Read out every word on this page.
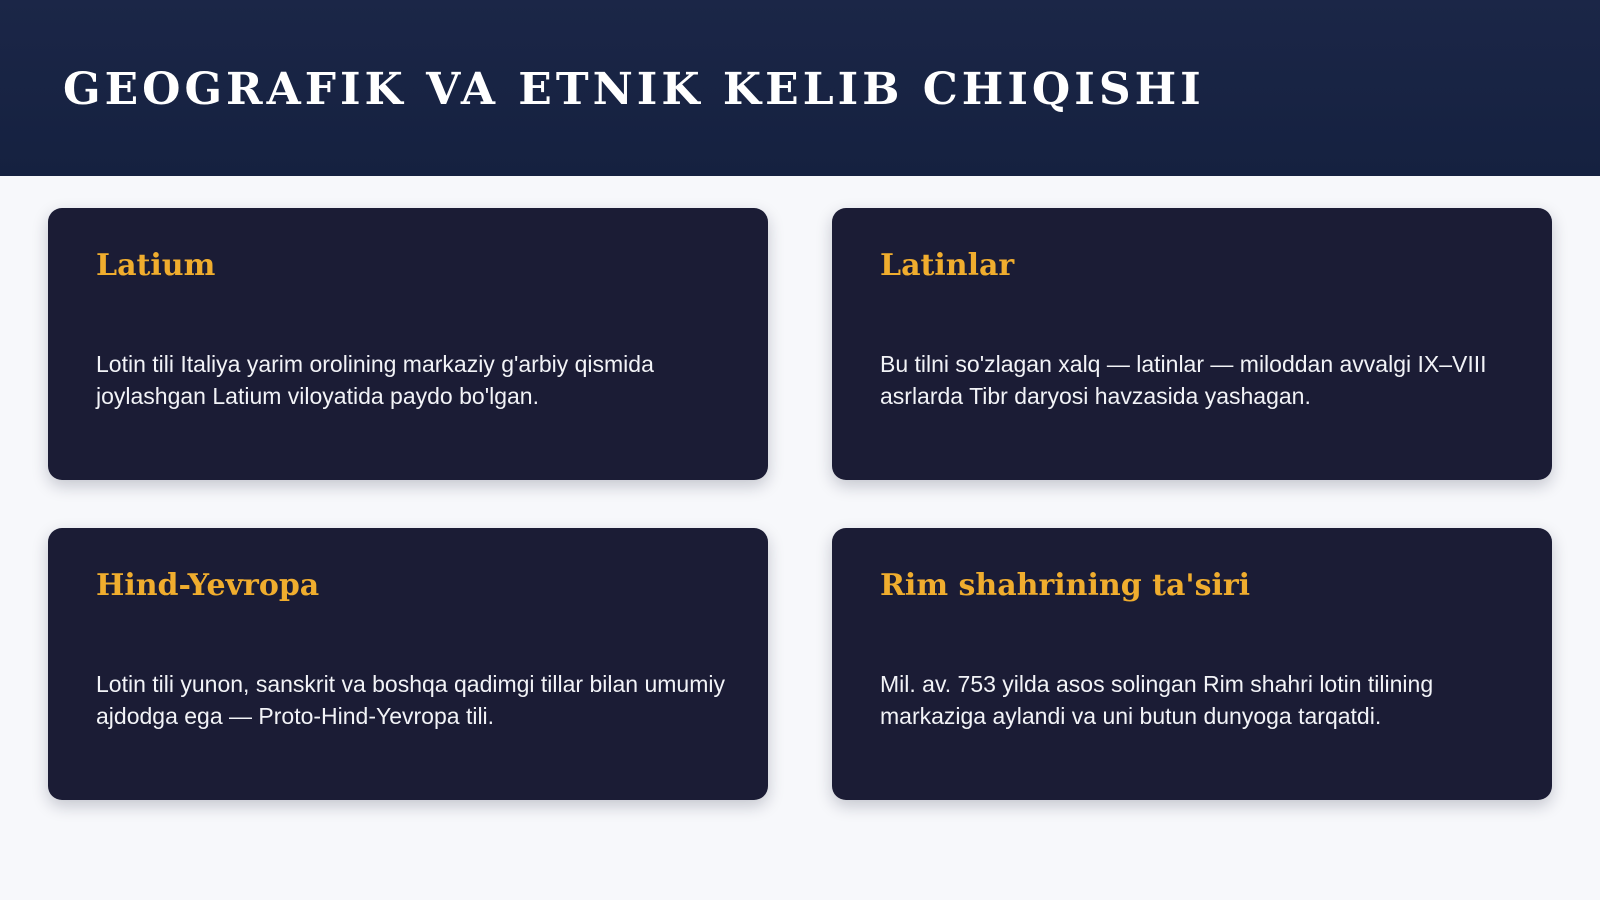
GEOGRAFIK VA ETNIK KELIB CHIQISHI
Latium

Lotin tili Italiya yarim orolining markaziy g'arbiy qismida joylashgan Latium viloyatida paydo bo'lgan.

Latinlar

Bu tilni so'zlagan xalq — latinlar — miloddan avvalgi IX–VIII asrlarda Tibr daryosi havzasida yashagan.

Hind-Yevropa

Lotin tili yunon, sanskrit va boshqa qadimgi tillar bilan umumiy ajdodga ega — Proto-Hind-Yevropa tili.

Rim shahrining ta'siri

Mil. av. 753 yilda asos solingan Rim shahri lotin tilining markaziga aylandi va uni butun dunyoga tarqatdi.
